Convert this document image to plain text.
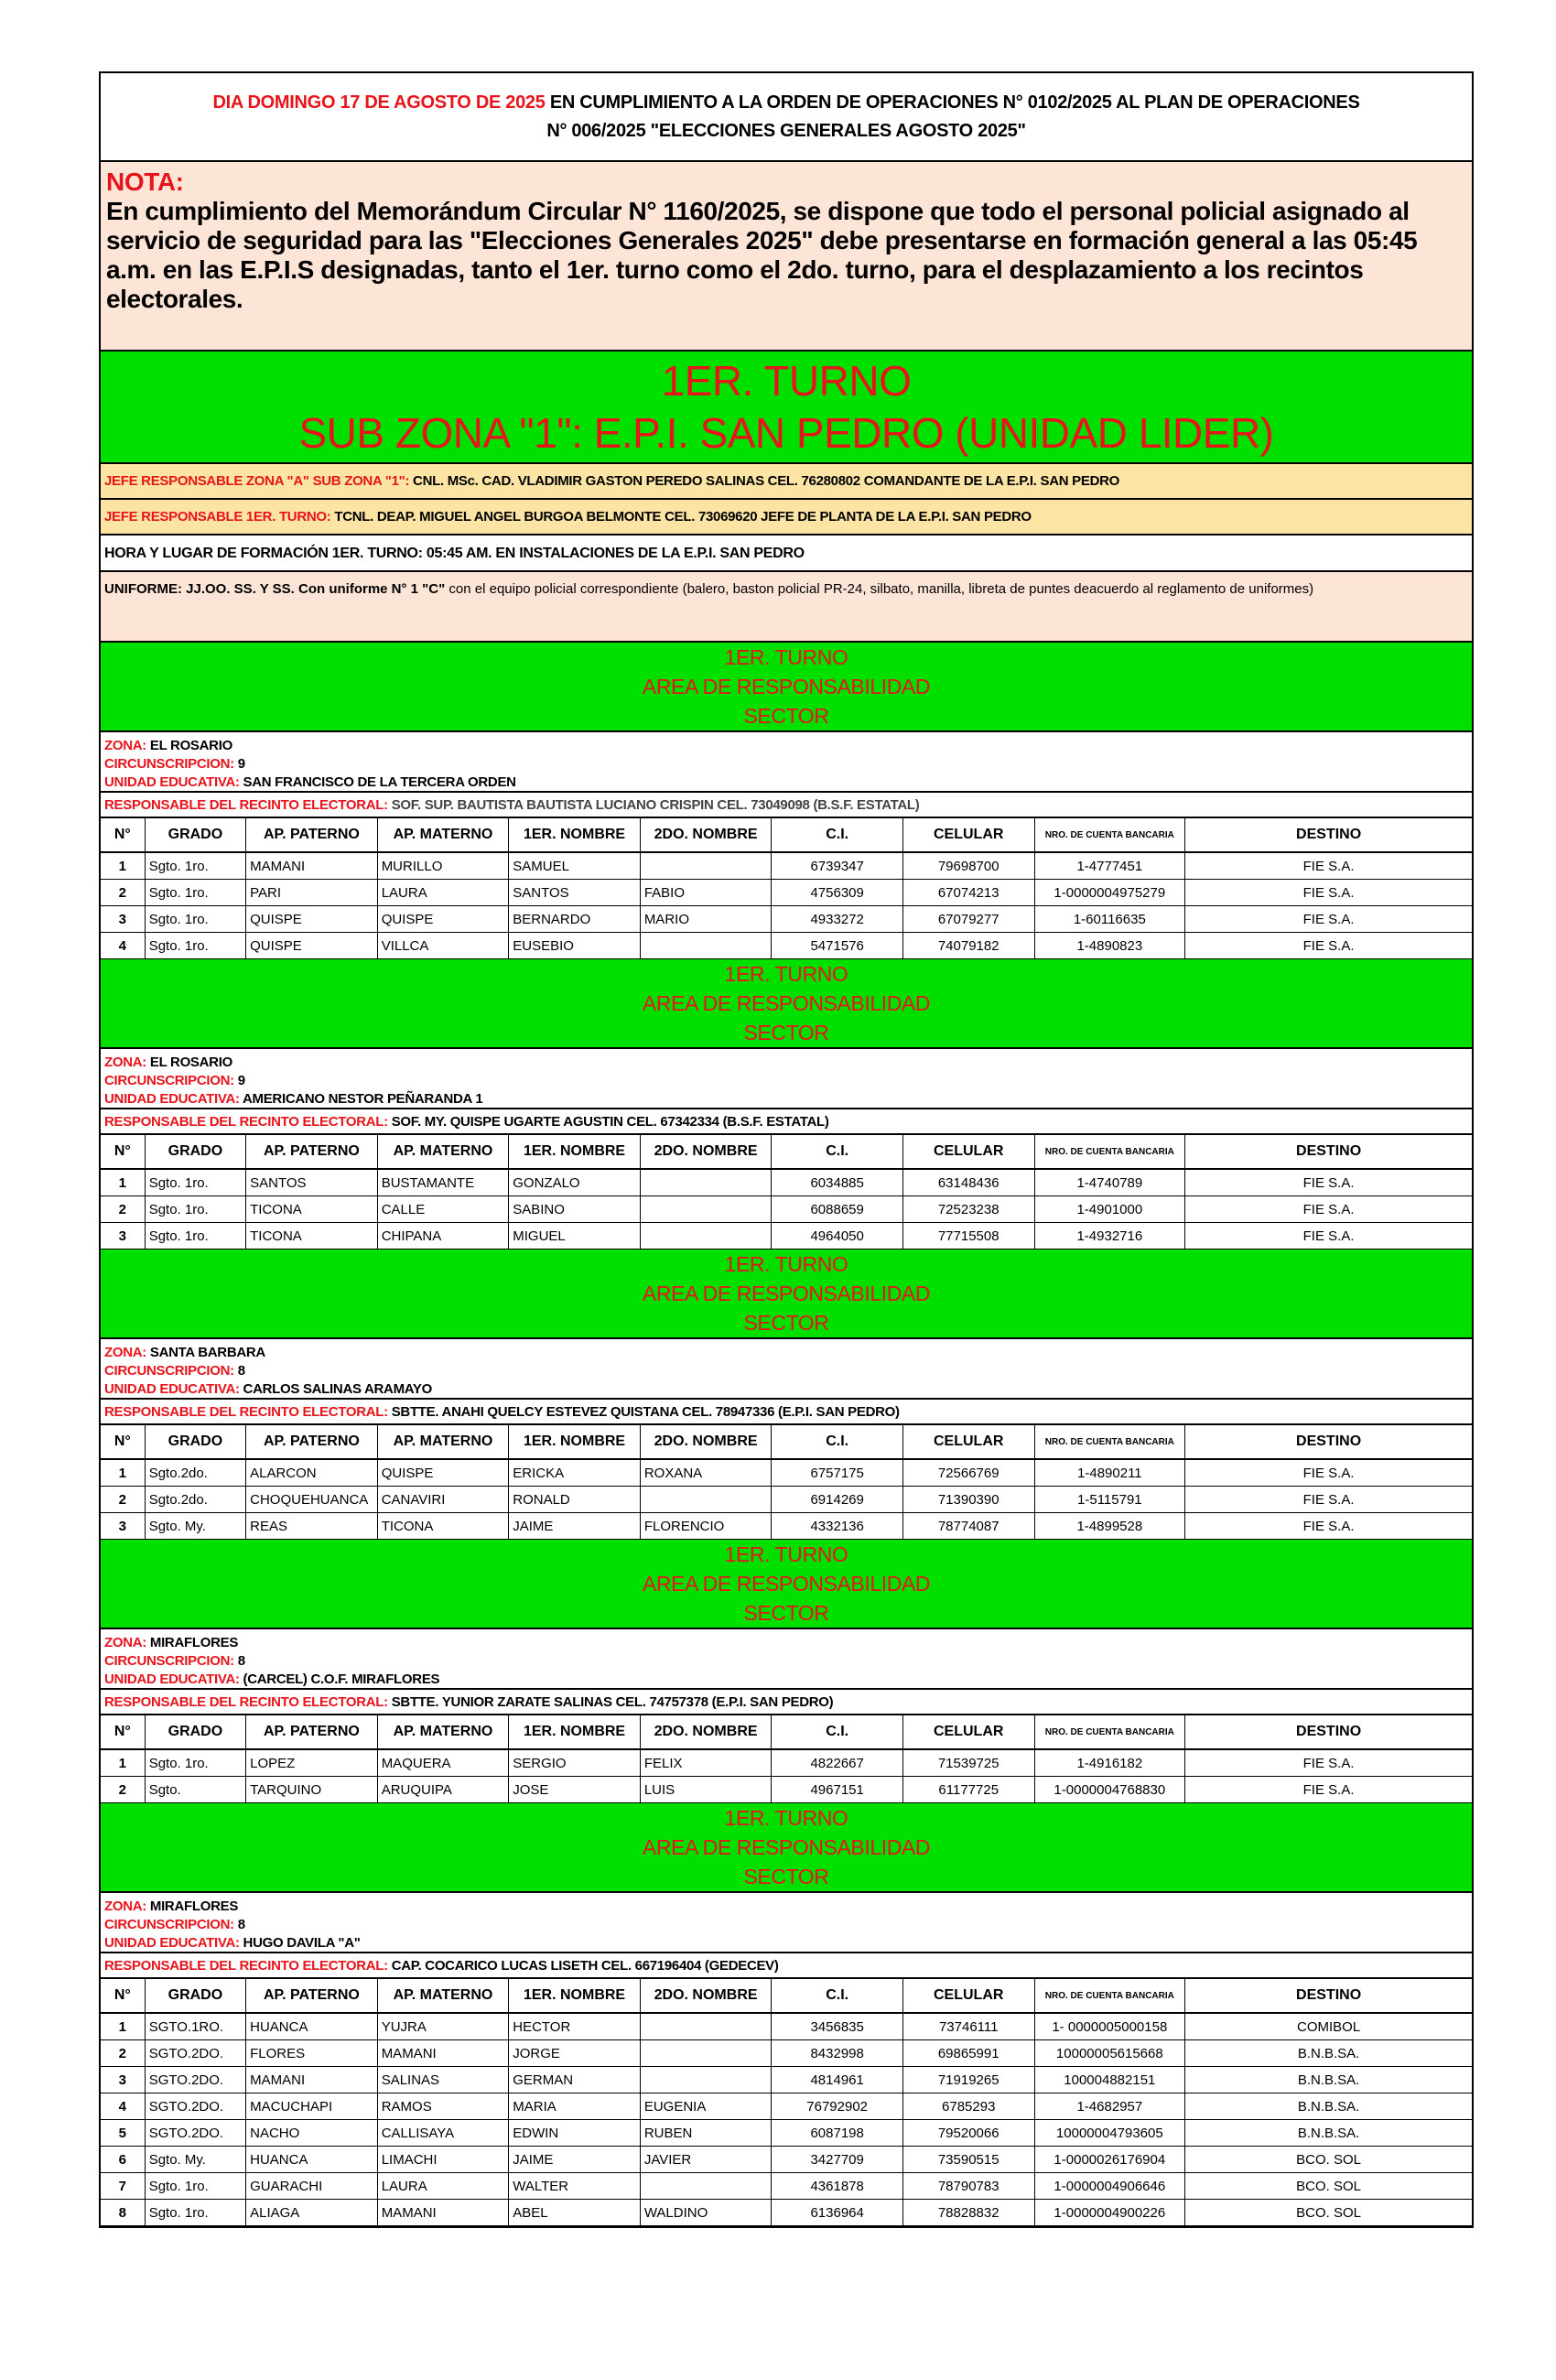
DIA DOMINGO 17 DE AGOSTO DE 2025 EN CUMPLIMIENTO A LA ORDEN DE OPERACIONES N° 0102/2025 AL PLAN DE OPERACIONES
N° 006/2025 "ELECCIONES GENERALES AGOSTO 2025"
NOTA:
En cumplimiento del Memorándum Circular N° 1160/2025, se dispone que todo el personal policial asignado al servicio de seguridad para las "Elecciones Generales 2025" debe presentarse en formación general a las 05:45 a.m. en las E.P.I.S designadas, tanto el 1er. turno como el 2do. turno, para el desplazamiento a los recintos electorales.
1ER. TURNO
SUB ZONA "1": E.P.I. SAN PEDRO (UNIDAD LIDER)
JEFE RESPONSABLE ZONA "A" SUB ZONA "1": CNL. MSc. CAD. VLADIMIR GASTON PEREDO SALINAS CEL. 76280802 COMANDANTE DE LA E.P.I. SAN PEDRO
JEFE RESPONSABLE 1ER. TURNO: TCNL. DEAP. MIGUEL ANGEL BURGOA BELMONTE CEL. 73069620 JEFE DE PLANTA DE LA E.P.I. SAN PEDRO
HORA Y LUGAR DE FORMACIÓN 1ER. TURNO: 05:45 AM. EN INSTALACIONES DE LA E.P.I. SAN PEDRO
UNIFORME: JJ.OO. SS. Y SS. Con uniforme N° 1 "C" con el equipo policial correspondiente (balero, baston policial PR-24, silbato, manilla, libreta de puntes deacuerdo al reglamento de uniformes)
1ER. TURNO
AREA DE RESPONSABILIDAD
SECTOR
ZONA: EL ROSARIO
CIRCUNSCRIPCION: 9
UNIDAD EDUCATIVA: SAN FRANCISCO DE LA TERCERA ORDEN
RESPONSABLE DEL RECINTO ELECTORAL: SOF. SUP. BAUTISTA BAUTISTA LUCIANO CRISPIN CEL. 73049098 (B.S.F. ESTATAL)
N°	GRADO	AP. PATERNO	AP. MATERNO	1ER. NOMBRE	2DO. NOMBRE	C.I.	CELULAR	NRO. DE CUENTA BANCARIA	DESTINO
1	Sgto. 1ro.	MAMANI	MURILLO	SAMUEL		6739347	79698700	1-4777451	FIE S.A.
2	Sgto. 1ro.	PARI	LAURA	SANTOS	FABIO	4756309	67074213	1-0000004975279	FIE S.A.
3	Sgto. 1ro.	QUISPE	QUISPE	BERNARDO	MARIO	4933272	67079277	1-60116635	FIE S.A.
4	Sgto. 1ro.	QUISPE	VILLCA	EUSEBIO		5471576	74079182	1-4890823	FIE S.A.
1ER. TURNO
AREA DE RESPONSABILIDAD
SECTOR
ZONA: EL ROSARIO
CIRCUNSCRIPCION: 9
UNIDAD EDUCATIVA: AMERICANO NESTOR PEÑARANDA 1
RESPONSABLE DEL RECINTO ELECTORAL: SOF. MY. QUISPE UGARTE AGUSTIN CEL. 67342334 (B.S.F. ESTATAL)
N°	GRADO	AP. PATERNO	AP. MATERNO	1ER. NOMBRE	2DO. NOMBRE	C.I.	CELULAR	NRO. DE CUENTA BANCARIA	DESTINO
1	Sgto. 1ro.	SANTOS	BUSTAMANTE	GONZALO		6034885	63148436	1-4740789	FIE S.A.
2	Sgto. 1ro.	TICONA	CALLE	SABINO		6088659	72523238	1-4901000	FIE S.A.
3	Sgto. 1ro.	TICONA	CHIPANA	MIGUEL		4964050	77715508	1-4932716	FIE S.A.
1ER. TURNO
AREA DE RESPONSABILIDAD
SECTOR
ZONA: SANTA BARBARA
CIRCUNSCRIPCION: 8
UNIDAD EDUCATIVA: CARLOS SALINAS ARAMAYO
RESPONSABLE DEL RECINTO ELECTORAL: SBTTE. ANAHI QUELCY ESTEVEZ QUISTANA CEL. 78947336 (E.P.I. SAN PEDRO)
N°	GRADO	AP. PATERNO	AP. MATERNO	1ER. NOMBRE	2DO. NOMBRE	C.I.	CELULAR	NRO. DE CUENTA BANCARIA	DESTINO
1	Sgto.2do.	ALARCON	QUISPE	ERICKA	ROXANA	6757175	72566769	1-4890211	FIE S.A.
2	Sgto.2do.	CHOQUEHUANCA	CANAVIRI	RONALD		6914269	71390390	1-5115791	FIE S.A.
3	Sgto. My.	REAS	TICONA	JAIME	FLORENCIO	4332136	78774087	1-4899528	FIE S.A.
1ER. TURNO
AREA DE RESPONSABILIDAD
SECTOR
ZONA: MIRAFLORES
CIRCUNSCRIPCION: 8
UNIDAD EDUCATIVA: (CARCEL) C.O.F. MIRAFLORES
RESPONSABLE DEL RECINTO ELECTORAL: SBTTE. YUNIOR ZARATE SALINAS CEL. 74757378 (E.P.I. SAN PEDRO)
N°	GRADO	AP. PATERNO	AP. MATERNO	1ER. NOMBRE	2DO. NOMBRE	C.I.	CELULAR	NRO. DE CUENTA BANCARIA	DESTINO
1	Sgto. 1ro.	LOPEZ	MAQUERA	SERGIO	FELIX	4822667	71539725	1-4916182	FIE S.A.
2	Sgto.	TARQUINO	ARUQUIPA	JOSE	LUIS	4967151	61177725	1-0000004768830	FIE S.A.
1ER. TURNO
AREA DE RESPONSABILIDAD
SECTOR
ZONA: MIRAFLORES
CIRCUNSCRIPCION: 8
UNIDAD EDUCATIVA: HUGO DAVILA "A"
RESPONSABLE DEL RECINTO ELECTORAL: CAP. COCARICO LUCAS LISETH CEL. 667196404 (GEDECEV)
N°	GRADO	AP. PATERNO	AP. MATERNO	1ER. NOMBRE	2DO. NOMBRE	C.I.	CELULAR	NRO. DE CUENTA BANCARIA	DESTINO
1	SGTO.1RO.	HUANCA	YUJRA	HECTOR		3456835	73746111	1- 0000005000158	COMIBOL
2	SGTO.2DO.	FLORES	MAMANI	JORGE		8432998	69865991	10000005615668	B.N.B.SA.
3	SGTO.2DO.	MAMANI	SALINAS	GERMAN		4814961	71919265	100004882151	B.N.B.SA.
4	SGTO.2DO.	MACUCHAPI	RAMOS	MARIA	EUGENIA	76792902	6785293	1-4682957	B.N.B.SA.
5	SGTO.2DO.	NACHO	CALLISAYA	EDWIN	RUBEN	6087198	79520066	10000004793605	B.N.B.SA.
6	Sgto. My.	HUANCA	LIMACHI	JAIME	JAVIER	3427709	73590515	1-0000026176904	BCO. SOL
7	Sgto. 1ro.	GUARACHI	LAURA	WALTER		4361878	78790783	1-0000004906646	BCO. SOL
8	Sgto. 1ro.	ALIAGA	MAMANI	ABEL	WALDINO	6136964	78828832	1-0000004900226	BCO. SOL
